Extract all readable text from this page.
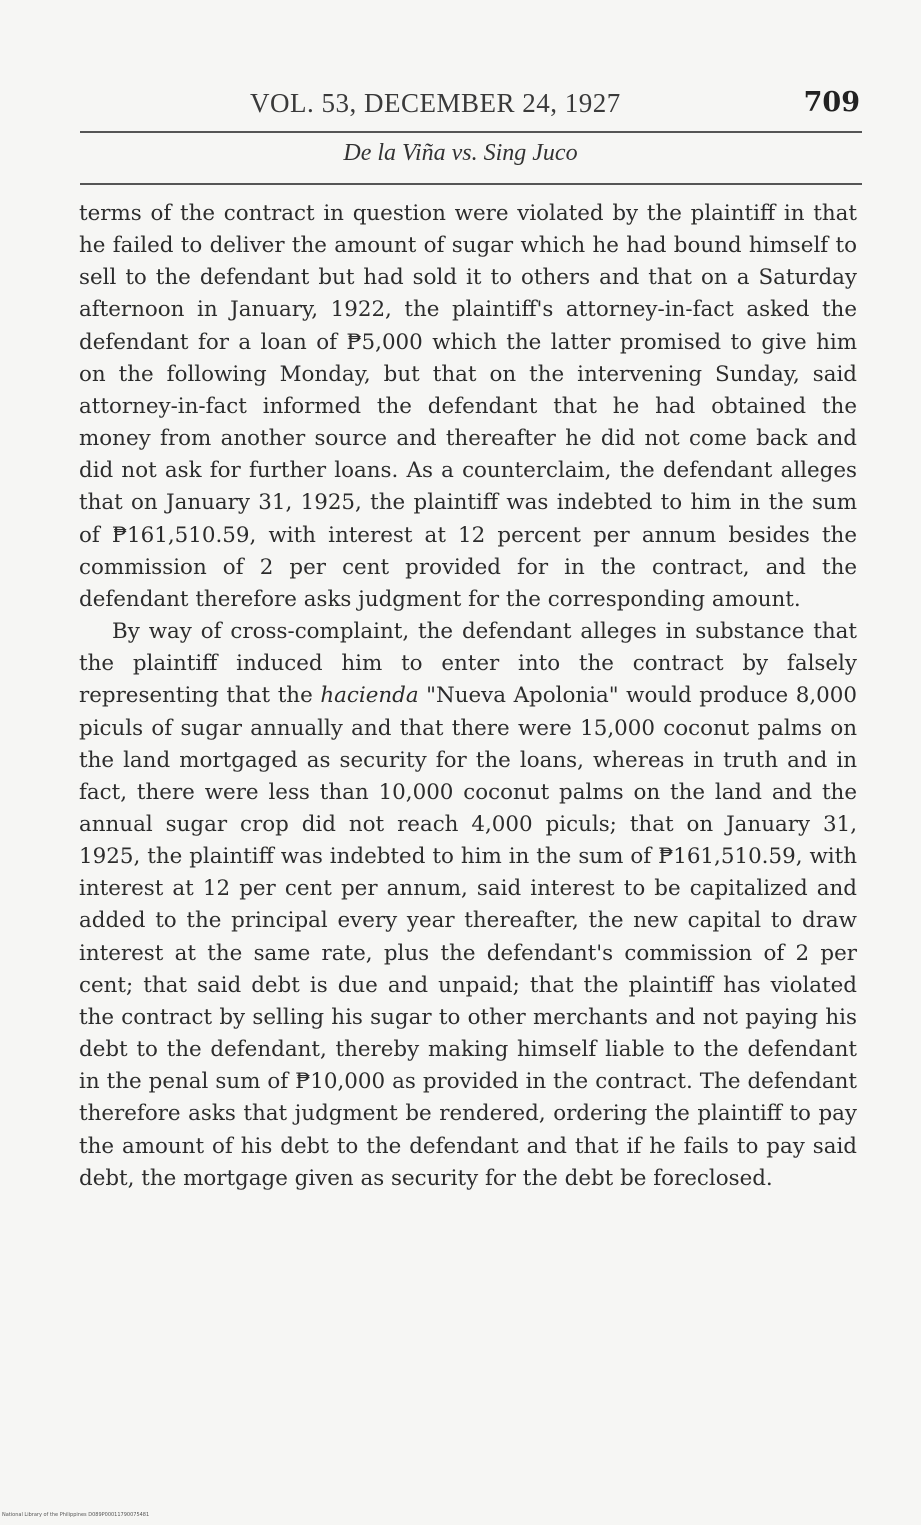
VOL. 53, DECEMBER 24, 1927	709
De la Viña vs. Sing Juco

terms of the contract in question were violated by the plaintiff in that he failed to deliver the amount of sugar which he had bound himself to sell to the defendant but had sold it to others and that on a Saturday afternoon in January, 1922, the plaintiff's attorney-in-fact asked the defendant for a loan of ₱5,000 which the latter promised to give him on the following Monday, but that on the intervening Sunday, said attorney-in-fact informed the defendant that he had obtained the money from another source and thereafter he did not come back and did not ask for further loans. As a counterclaim, the defendant alleges that on January 31, 1925, the plaintiff was indebted to him in the sum of ₱161,510.59, with interest at 12 percent per annum besides the commission of 2 per cent provided for in the contract, and the defendant therefore asks judgment for the corresponding amount.

By way of cross-complaint, the defendant alleges in substance that the plaintiff induced him to enter into the contract by falsely representing that the hacienda "Nueva Apolonia" would produce 8,000 piculs of sugar annually and that there were 15,000 coconut palms on the land mortgaged as security for the loans, whereas in truth and in fact, there were less than 10,000 coconut palms on the land and the annual sugar crop did not reach 4,000 piculs; that on January 31, 1925, the plaintiff was indebted to him in the sum of ₱161,510.59, with interest at 12 per cent per annum, said interest to be capitalized and added to the principal every year thereafter, the new capital to draw interest at the same rate, plus the defendant's commission of 2 per cent; that said debt is due and unpaid; that the plaintiff has violated the contract by selling his sugar to other merchants and not paying his debt to the defendant, thereby making himself liable to the defendant in the penal sum of ₱10,000 as provided in the contract. The defendant therefore asks that judgment be rendered, ordering the plaintiff to pay the amount of his debt to the defendant and that if he fails to pay said debt, the mortgage given as security for the debt be foreclosed.

National Library of the Philippines D089P00011790075481
